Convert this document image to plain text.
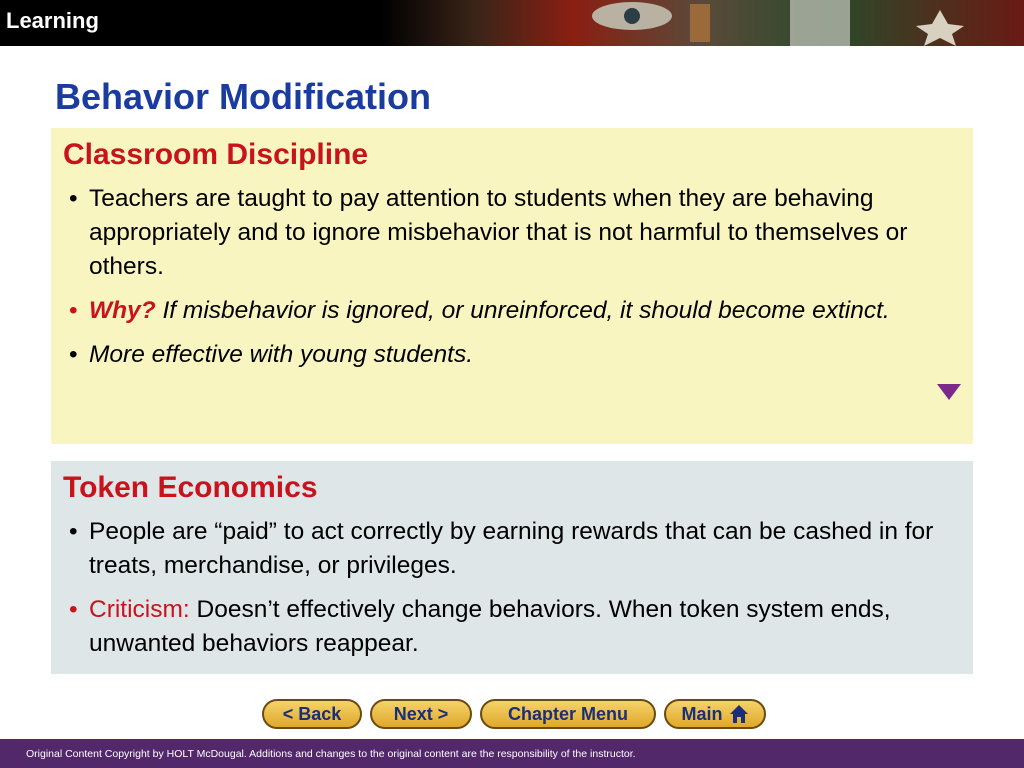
Learning
Behavior Modification
Classroom Discipline
• Teachers are taught to pay attention to students when they are behaving appropriately and to ignore misbehavior that is not harmful to themselves or others.
• Why? If misbehavior is ignored, or unreinforced, it should become extinct.
• More effective with young students.
Token Economics
• People are “paid” to act correctly by earning rewards that can be cashed in for treats, merchandise, or privileges.
• Criticism: Doesn’t effectively change behaviors. When token system ends, unwanted behaviors reappear.
< Back	Next >	Chapter Menu	Main
Original Content Copyright by HOLT McDougal. Additions and changes to the original content are the responsibility of the instructor.
